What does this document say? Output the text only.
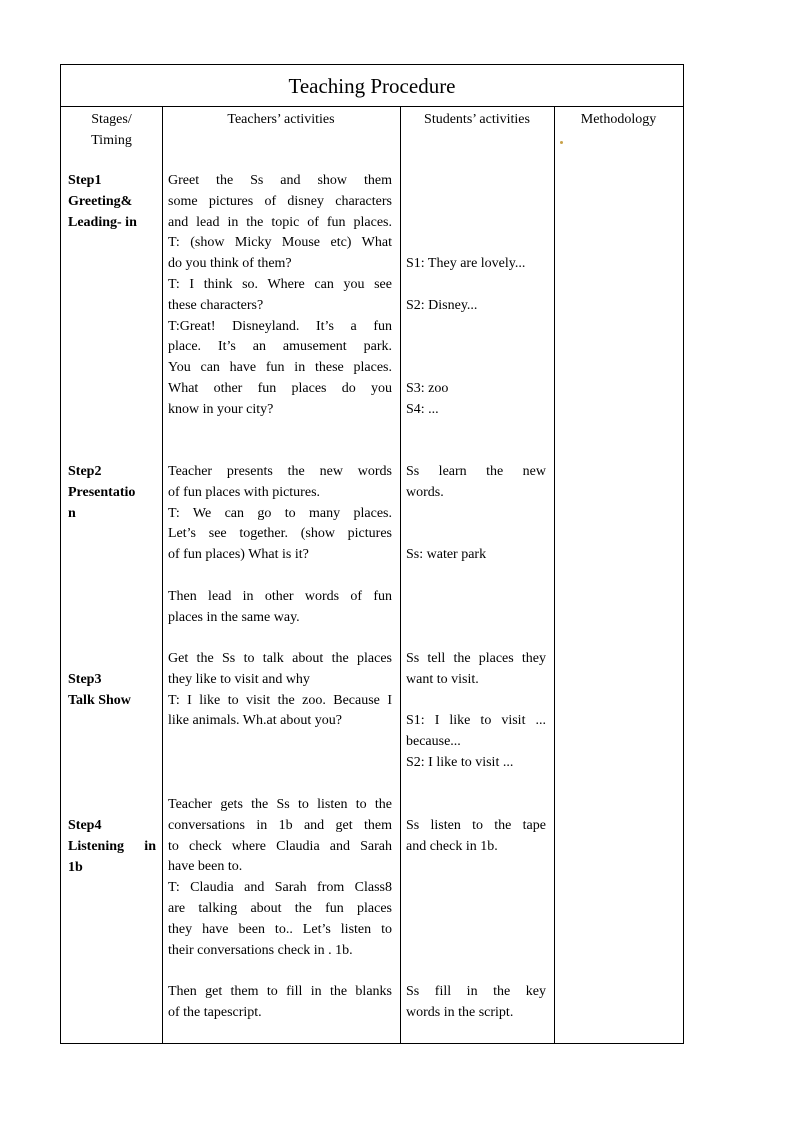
Teaching Procedure
Stages/
Timing
Step1
Greeting&
Leading- in
Step2
Presentatio
n
Step3
Talk Show
Step4
Listening in
1b
Teachers’ activities
Greet the Ss and show them
some pictures of disney characters
and lead in the topic of fun places.
T: (show Micky Mouse etc) What
do you think of them?
T: I think so. Where can you see
these characters?
T:Great! Disneyland. It’s a fun
place. It’s an amusement park.
You can have fun in these places.
What other fun places do you
know in your city?
Teacher presents the new words
of fun places with pictures.
T: We can go to many places.
Let’s see together. (show pictures
of fun places) What is it?

Then lead in other words of fun
places in the same way.
Get the Ss to talk about the places
they like to visit and why
T: I like to visit the zoo. Because I
like animals. Wh.at about you?
Teacher gets the Ss to listen to the
conversations in 1b and get them
to check where Claudia and Sarah
have been to.
T: Claudia and Sarah from Class8
are talking about the fun places
they have been to.. Let’s listen to
their conversations check in . 1b.

Then get them to fill in the blanks
of the tapescript.
Students’ activities
S1: They are lovely...
S2: Disney...
S3: zoo
S4: ...
Ss learn the new
words.
Ss: water park
Ss tell the places they
want to visit.

S1: I like to visit ...
because...
S2: I like to visit ...
Ss listen to the tape
and check in 1b.
Ss fill in the key
words in the script.
Methodology
